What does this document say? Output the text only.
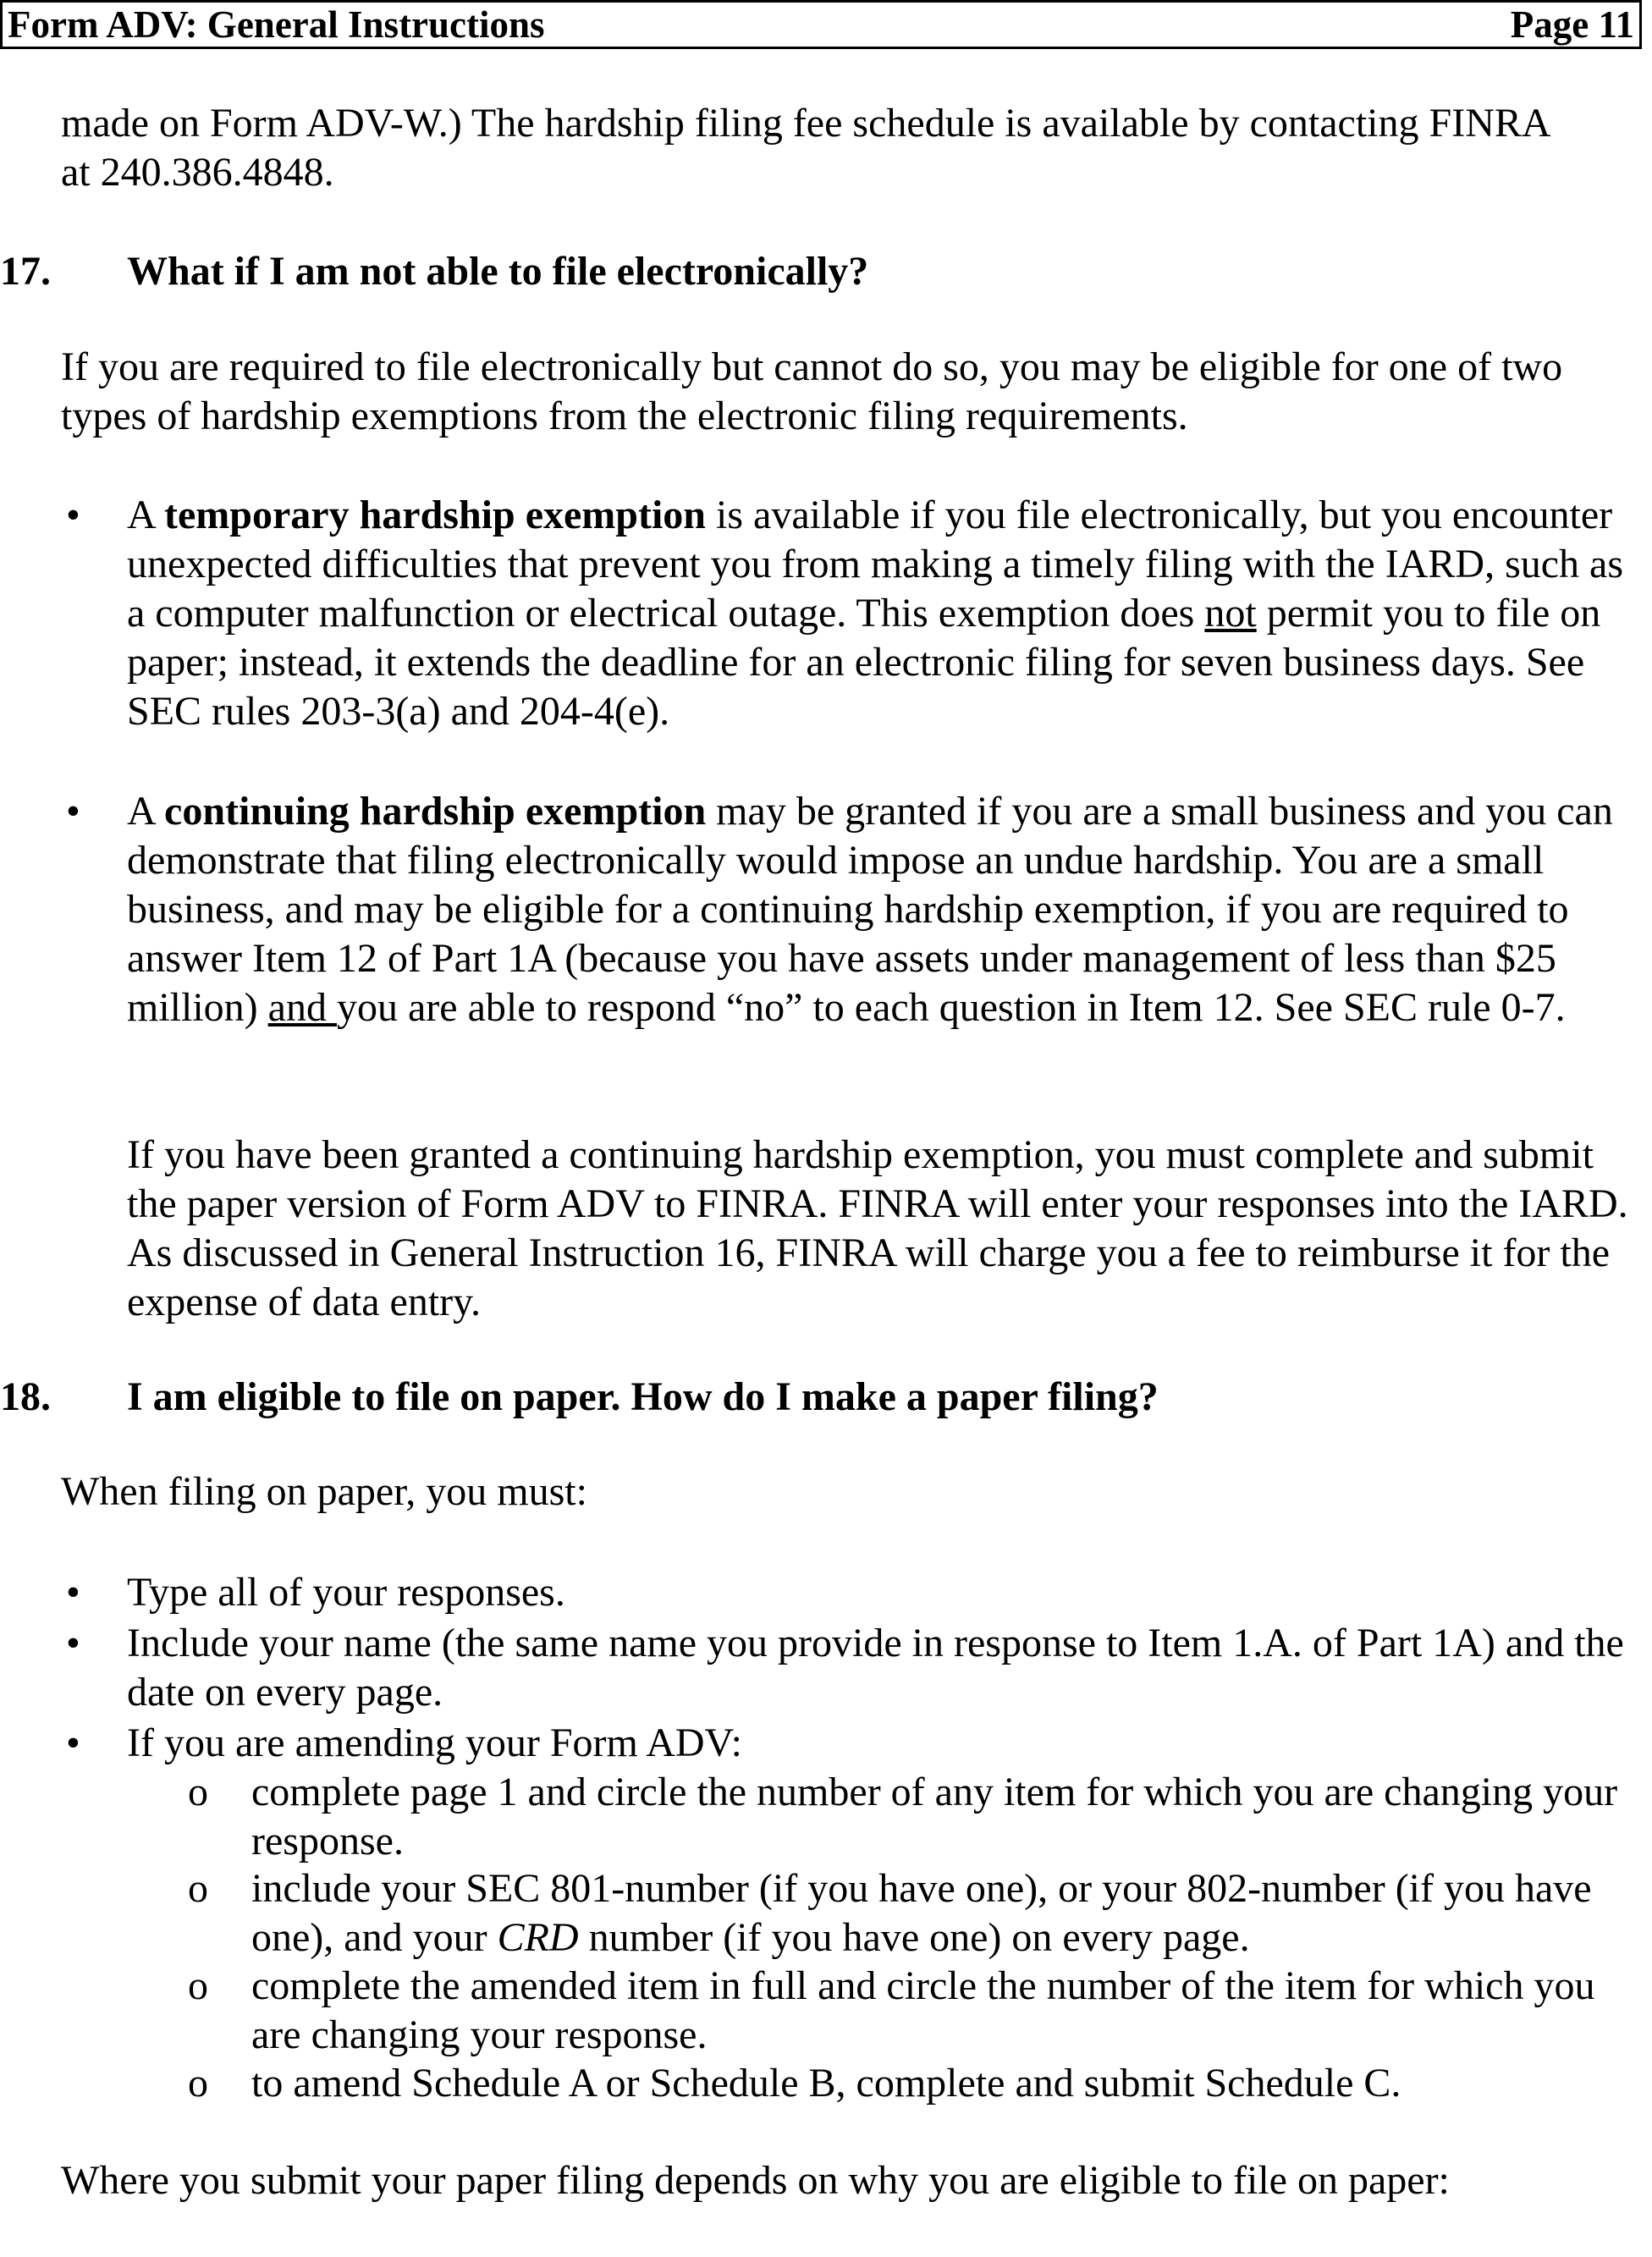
Form ADV: General Instructions	Page 11
made on Form ADV-W.) The hardship filing fee schedule is available by contacting FINRA
at 240.386.4848.
17.	What if I am not able to file electronically?
If you are required to file electronically but cannot do so, you may be eligible for one of two types of hardship exemptions from the electronic filing requirements.
• A temporary hardship exemption is available if you file electronically, but you encounter unexpected difficulties that prevent you from making a timely filing with the IARD, such as a computer malfunction or electrical outage. This exemption does not permit you to file on paper; instead, it extends the deadline for an electronic filing for seven business days. See SEC rules 203-3(a) and 204-4(e).
• A continuing hardship exemption may be granted if you are a small business and you can demonstrate that filing electronically would impose an undue hardship. You are a small business, and may be eligible for a continuing hardship exemption, if you are required to answer Item 12 of Part 1A (because you have assets under management of less than $25 million) and you are able to respond “no” to each question in Item 12. See SEC rule 0-7.
If you have been granted a continuing hardship exemption, you must complete and submit the paper version of Form ADV to FINRA. FINRA will enter your responses into the IARD. As discussed in General Instruction 16, FINRA will charge you a fee to reimburse it for the expense of data entry.
18.	I am eligible to file on paper. How do I make a paper filing?
When filing on paper, you must:
• Type all of your responses.
• Include your name (the same name you provide in response to Item 1.A. of Part 1A) and the date on every page.
• If you are amending your Form ADV:
o complete page 1 and circle the number of any item for which you are changing your response.
o include your SEC 801-number (if you have one), or your 802-number (if you have one), and your CRD number (if you have one) on every page.
o complete the amended item in full and circle the number of the item for which you are changing your response.
o to amend Schedule A or Schedule B, complete and submit Schedule C.
Where you submit your paper filing depends on why you are eligible to file on paper:
